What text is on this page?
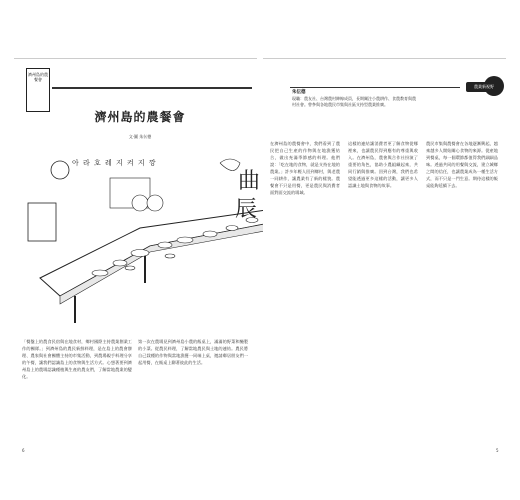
濟州島的農餐會
濟州島的農餐會
文‧圖 朱伝德
曲
辰
아 라 호 레 지 켜 지 깡

「餐盤上的農食民宿與在地食材，鄉村國際主持農業創業工作的團隊。」到濟州島的農民新鮮料理，是在島上的農會辦理、農家與社會團體主持的市集活動，到農場親手料理分享的午餐，讓我們認識島上的食物與生活方式。心想著要到濟州島上的農場認識種植與生產的農友們，了解當地農業的變化。

第一次在農場見到濟州島小農的飯桌上，滿滿的野菜和醃製的小菜。從農民料理，了解當地農民與土地的連結。農民將自己栽種的作物與當地漁獲一同端上桌，邀請鄰居朋友們一起用餐，在飯桌上聊著彼此的生活。

6
農業新視野
朱伝德
現職：農友社、台灣農村陣線成員，長期關注小農耕作、食農教育與農村社會。曾參與各地農民市集與社區支持型農業推廣。

在濟州島的農餐會中，我們看到了農民把自己生產的作物與在地漁獲結合，做出充滿季節感的料理。他們說：「吃在地的食物，就是支持在地的農業。」許多年輕人回到鄉村，與老農一同耕作，讓農業有了新的樣貌。農餐會不只是用餐，更是農民與消費者面對面交流的場域。

這樣的連結讓消費者更了解食物從哪裡來，也讓農民得到應有的尊重與收入。在濟州島，農會與合作社扮演了重要的角色，協助小農組織起來，共同行銷與推廣。回到台灣，我們也希望能透過更多這樣的活動，讓更多人認識土地與食物的故事。

農民市集與農餐會在各地逐漸興起，越來越多人開始關心食物的來源。從產地到餐桌，每一個環節都值得我們細細品味。透過共同的用餐與交流，建立城鄉之間的信任，也讓農業成為一種生活方式，而不只是一門生意。期待這樣的飯桌能夠延續下去。

5
